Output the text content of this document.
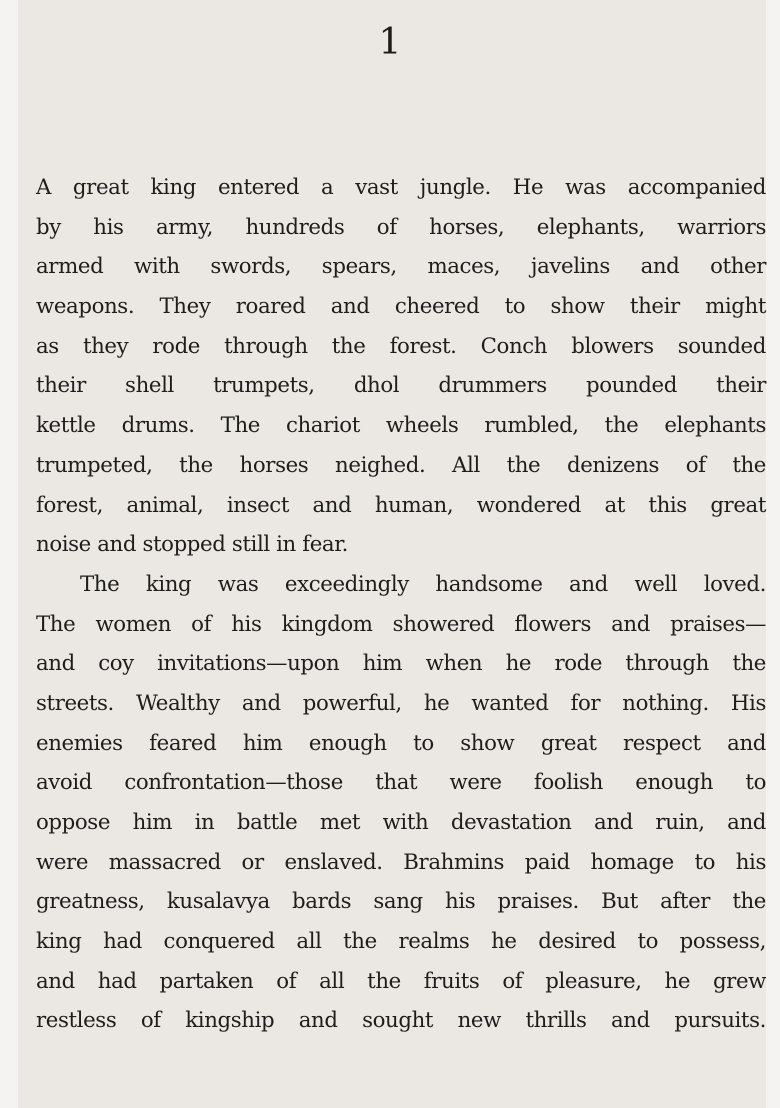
1
A great king entered a vast jungle. He was accompanied
by his army, hundreds of horses, elephants, warriors
armed with swords, spears, maces, javelins and other
weapons. They roared and cheered to show their might
as they rode through the forest. Conch blowers sounded
their shell trumpets, dhol drummers pounded their
kettle drums. The chariot wheels rumbled, the elephants
trumpeted, the horses neighed. All the denizens of the
forest, animal, insect and human, wondered at this great
noise and stopped still in fear.
The king was exceedingly handsome and well loved.
The women of his kingdom showered flowers and praises—
and coy invitations—upon him when he rode through the
streets. Wealthy and powerful, he wanted for nothing. His
enemies feared him enough to show great respect and
avoid confrontation—those that were foolish enough to
oppose him in battle met with devastation and ruin, and
were massacred or enslaved. Brahmins paid homage to his
greatness, kusalavya bards sang his praises. But after the
king had conquered all the realms he desired to possess,
and had partaken of all the fruits of pleasure, he grew
restless of kingship and sought new thrills and pursuits.
